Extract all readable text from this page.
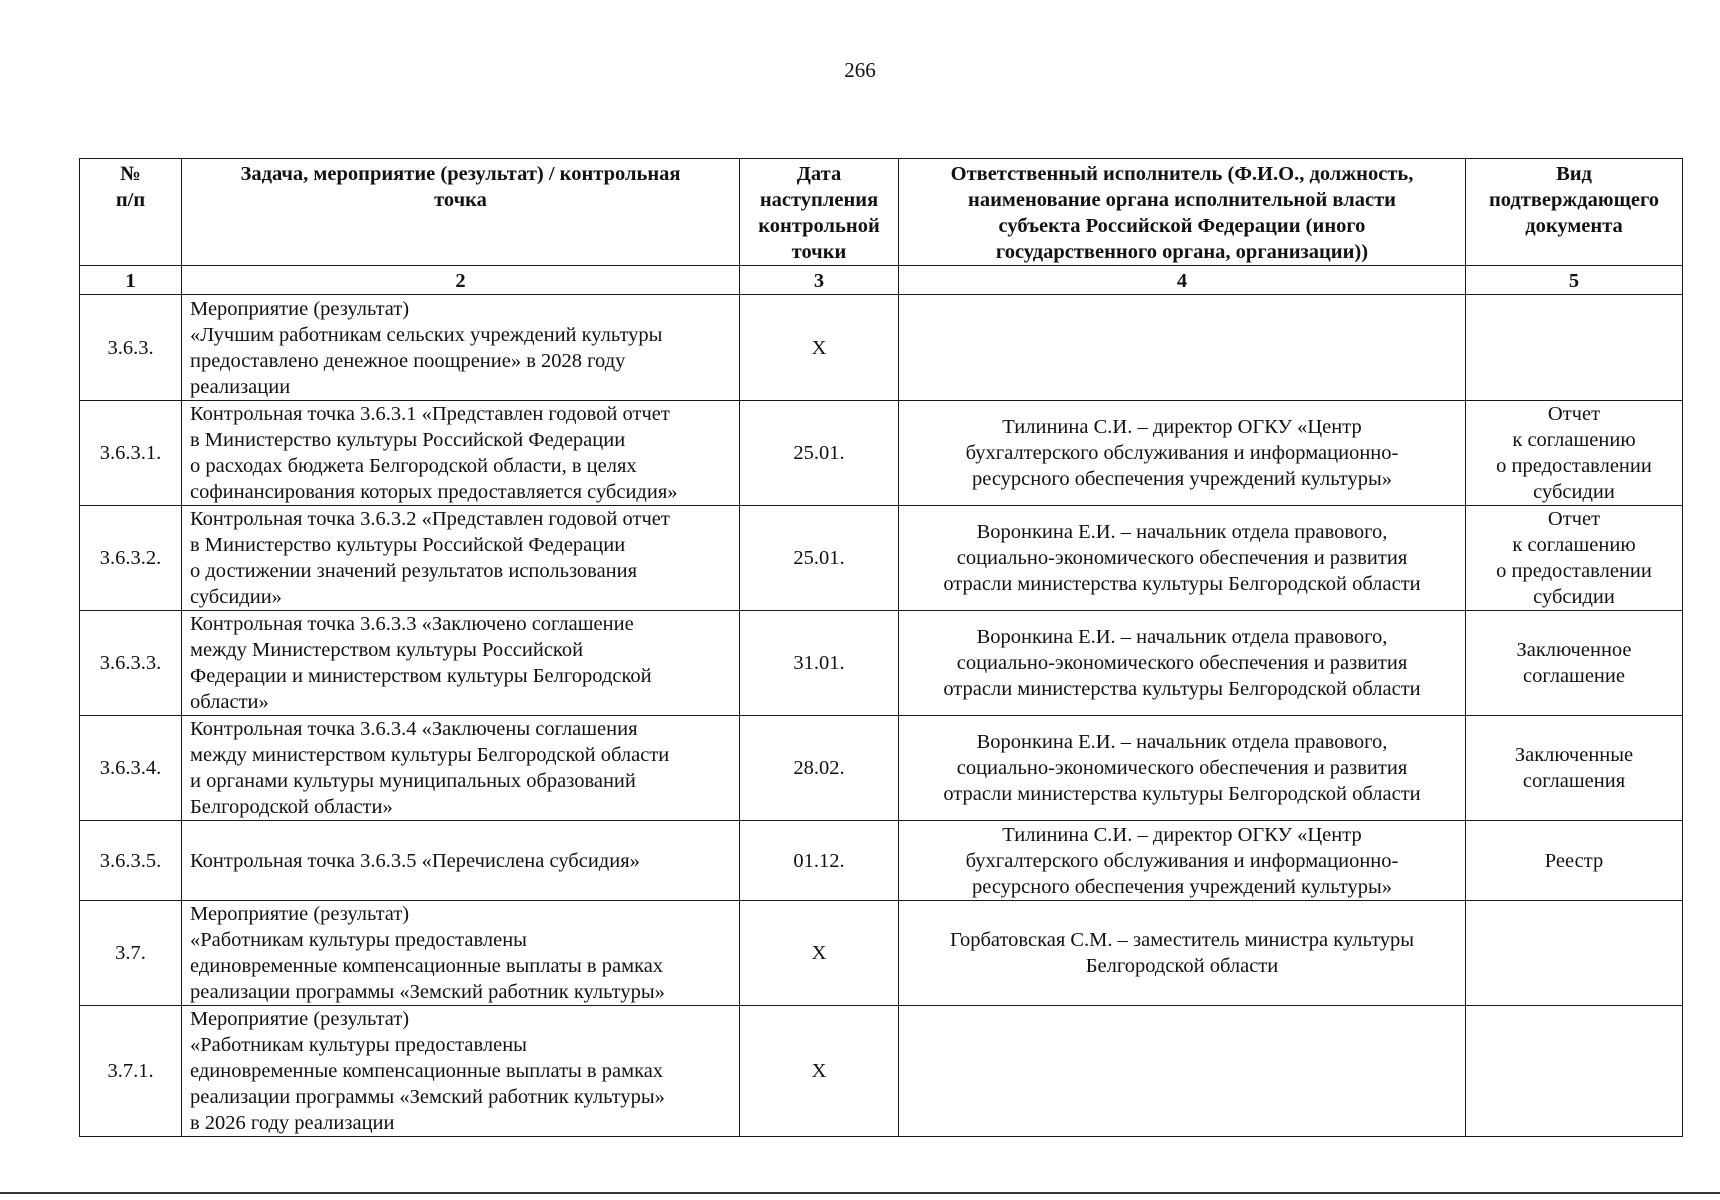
266
№
п/п	Задача, мероприятие (результат) / контрольная
точка	Дата
наступления
контрольной
точки	Ответственный исполнитель (Ф.И.О., должность,
наименование органа исполнительной власти
субъекта Российской Федерации (иного
государственного органа, организации))	Вид
подтверждающего
документа
1	2	3	4	5
3.6.3.	Мероприятие (результат)
«Лучшим работникам сельских учреждений культуры
предоставлено денежное поощрение» в 2028 году
реализации	X		
3.6.3.1.	Контрольная точка 3.6.3.1 «Представлен годовой отчет
в Министерство культуры Российской Федерации
о расходах бюджета Белгородской области, в целях
софинансирования которых предоставляется субсидия»	25.01.	Тилинина С.И. – директор ОГКУ «Центр
бухгалтерского обслуживания и информационно-
ресурсного обеспечения учреждений культуры»	Отчет
к соглашению
о предоставлении
субсидии
3.6.3.2.	Контрольная точка 3.6.3.2 «Представлен годовой отчет
в Министерство культуры Российской Федерации
о достижении значений результатов использования
субсидии»	25.01.	Воронкина Е.И. – начальник отдела правового,
социально-экономического обеспечения и развития
отрасли министерства культуры Белгородской области	Отчет
к соглашению
о предоставлении
субсидии
3.6.3.3.	Контрольная точка 3.6.3.3 «Заключено соглашение
между Министерством культуры Российской
Федерации и министерством культуры Белгородской
области»	31.01.	Воронкина Е.И. – начальник отдела правового,
социально-экономического обеспечения и развития
отрасли министерства культуры Белгородской области	Заключенное
соглашение
3.6.3.4.	Контрольная точка 3.6.3.4 «Заключены соглашения
между министерством культуры Белгородской области
и органами культуры муниципальных образований
Белгородской области»	28.02.	Воронкина Е.И. – начальник отдела правового,
социально-экономического обеспечения и развития
отрасли министерства культуры Белгородской области	Заключенные
соглашения
3.6.3.5.	Контрольная точка 3.6.3.5 «Перечислена субсидия»	01.12.	Тилинина С.И. – директор ОГКУ «Центр
бухгалтерского обслуживания и информационно-
ресурсного обеспечения учреждений культуры»	Реестр
3.7.	Мероприятие (результат)
«Работникам культуры предоставлены
единовременные компенсационные выплаты в рамках
реализации программы «Земский работник культуры»	X	Горбатовская С.М. – заместитель министра культуры
Белгородской области	
3.7.1.	Мероприятие (результат)
«Работникам культуры предоставлены
единовременные компенсационные выплаты в рамках
реализации программы «Земский работник культуры»
в 2026 году реализации	X		
